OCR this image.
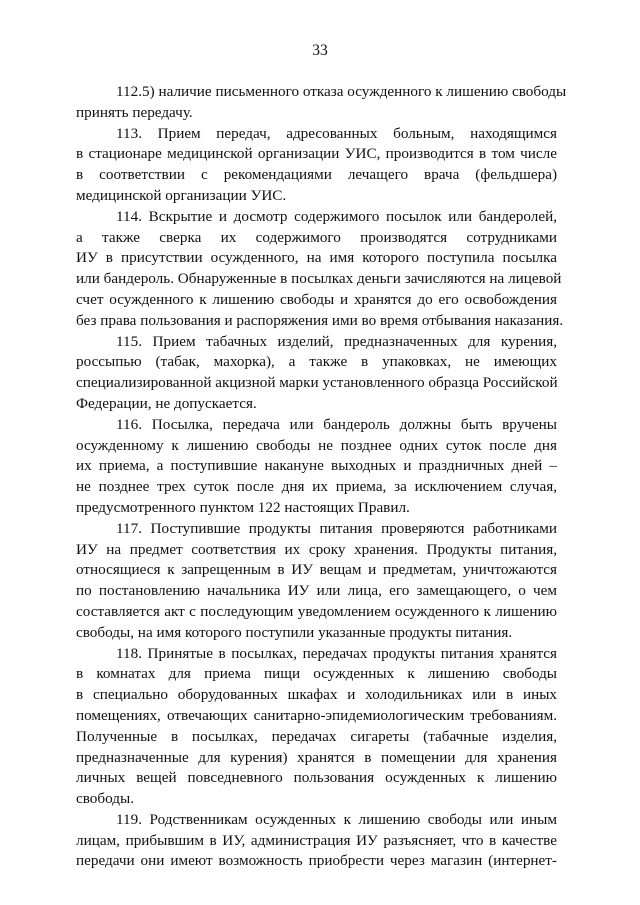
33

112.5) наличие письменного отказа осужденного к лишению свободы
принять передачу.

113. Прием передач, адресованных больным, находящимся
в стационаре медицинской организации УИС, производится в том числе
в соответствии с рекомендациями лечащего врача (фельдшера)
медицинской организации УИС.

114. Вскрытие и досмотр содержимого посылок или бандеролей,
а также сверка их содержимого производятся сотрудниками
ИУ в присутствии осужденного, на имя которого поступила посылка
или бандероль. Обнаруженные в посылках деньги зачисляются на лицевой
счет осужденного к лишению свободы и хранятся до его освобождения
без права пользования и распоряжения ими во время отбывания наказания.

115. Прием табачных изделий, предназначенных для курения,
россыпью (табак, махорка), а также в упаковках, не имеющих
специализированной акцизной марки установленного образца Российской
Федерации, не допускается.

116. Посылка, передача или бандероль должны быть вручены
осужденному к лишению свободы не позднее одних суток после дня
их приема, а поступившие накануне выходных и праздничных дней –
не позднее трех суток после дня их приема, за исключением случая,
предусмотренного пунктом 122 настоящих Правил.

117. Поступившие продукты питания проверяются работниками
ИУ на предмет соответствия их сроку хранения. Продукты питания,
относящиеся к запрещенным в ИУ вещам и предметам, уничтожаются
по постановлению начальника ИУ или лица, его замещающего, о чем
составляется акт с последующим уведомлением осужденного к лишению
свободы, на имя которого поступили указанные продукты питания.

118. Принятые в посылках, передачах продукты питания хранятся
в комнатах для приема пищи осужденных к лишению свободы
в специально оборудованных шкафах и холодильниках или в иных
помещениях, отвечающих санитарно-эпидемиологическим требованиям.
Полученные в посылках, передачах сигареты (табачные изделия,
предназначенные для курения) хранятся в помещении для хранения
личных вещей повседневного пользования осужденных к лишению
свободы.

119. Родственникам осужденных к лишению свободы или иным
лицам, прибывшим в ИУ, администрация ИУ разъясняет, что в качестве
передачи они имеют возможность приобрести через магазин (интернет-
